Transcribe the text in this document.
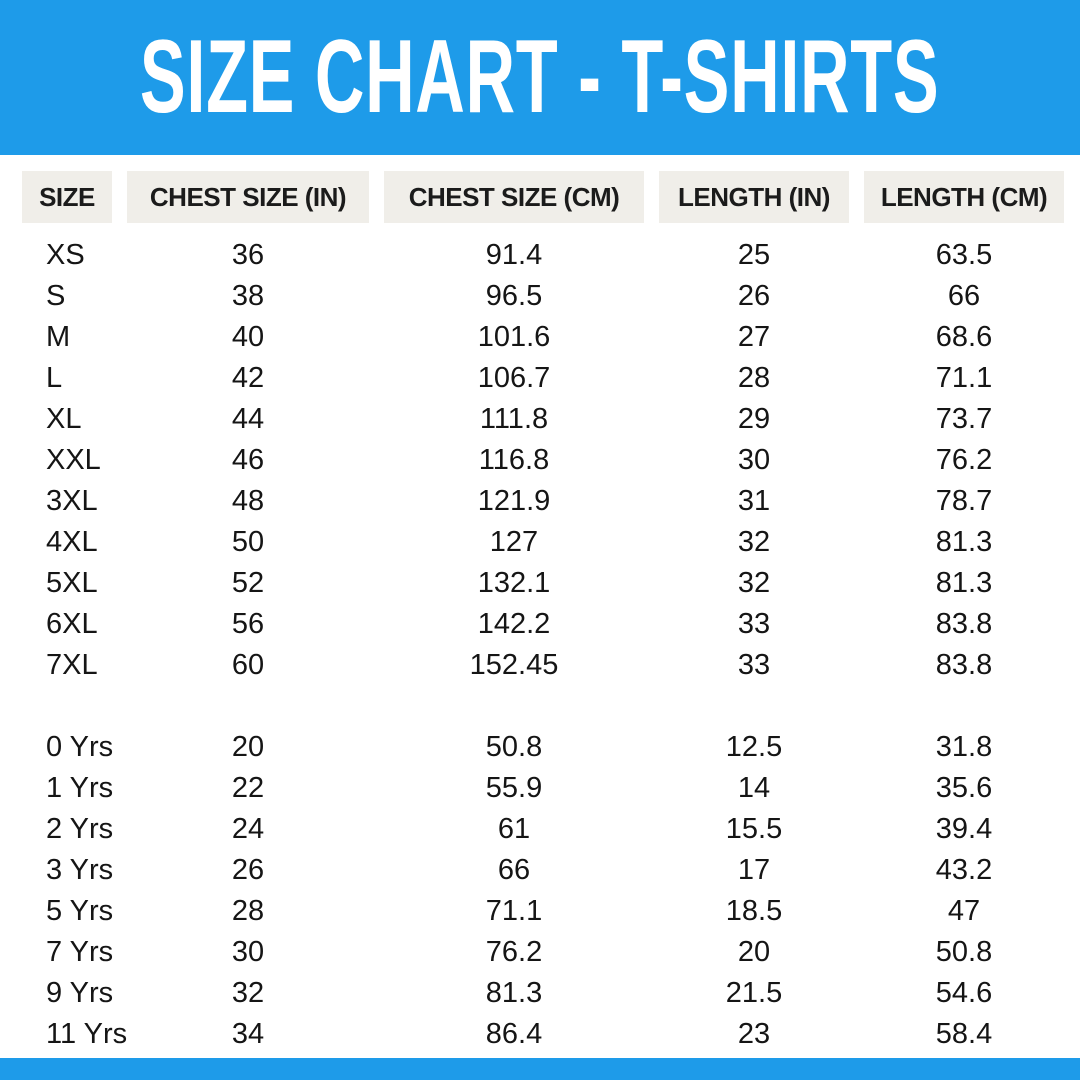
SIZE CHART - T-SHIRTS
SIZE CHEST SIZE (IN) CHEST SIZE (CM) LENGTH (IN) LENGTH (CM)
XS	36	91.4	25	63.5
S	38	96.5	26	66
M	40	101.6	27	68.6
L	42	106.7	28	71.1
XL	44	111.8	29	73.7
XXL	46	116.8	30	76.2
3XL	48	121.9	31	78.7
4XL	50	127	32	81.3
5XL	52	132.1	32	81.3
6XL	56	142.2	33	83.8
7XL	60	152.45	33	83.8
0 Yrs	20	50.8	12.5	31.8
1 Yrs	22	55.9	14	35.6
2 Yrs	24	61	15.5	39.4
3 Yrs	26	66	17	43.2
5 Yrs	28	71.1	18.5	47
7 Yrs	30	76.2	20	50.8
9 Yrs	32	81.3	21.5	54.6
11 Yrs	34	86.4	23	58.4
